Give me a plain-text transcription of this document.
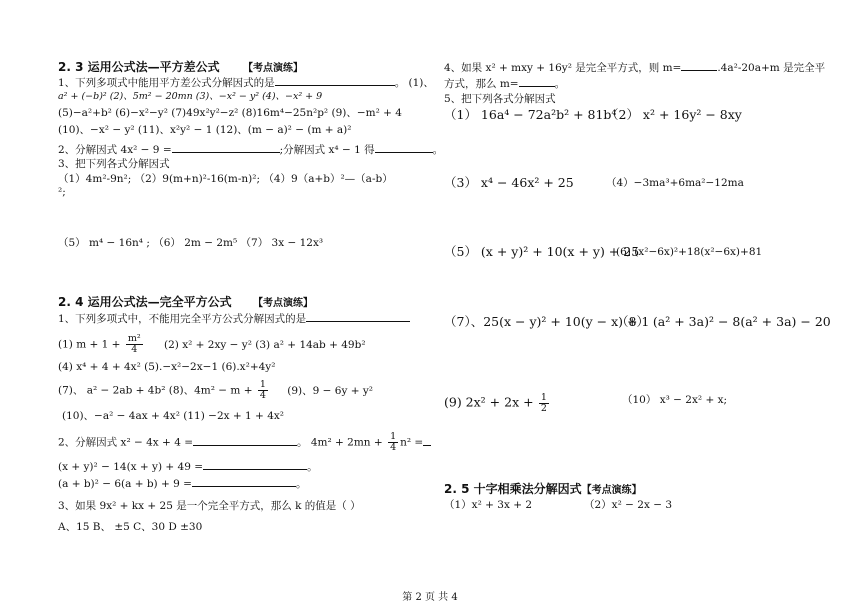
2. 3 运用公式法—平方差公式 【考点演练】
1、下列多项式中能用平方差公式分解因式的是	。 (1)、
a² + (−b)² (2)、5m² − 20mn (3)、−x² − y² (4)、−x² + 9
(5)−a²+b² (6)−x²−y² (7)49x²y²−z² (8)16m⁴−25n²p² (9)、−m² + 4
(10)、−x² − y² (11)、x²y² − 1 (12)、(m − a)² − (m + a)²
2、分解因式 4x² − 9 =	;分解因式 x⁴ − 1 得	。
3、把下列各式分解因式
（1）4m²-9n²; （2）9(m+n)²-16(m-n)²; （4）9（a+b）²—（a-b）
²;
（5） m⁴ − 16n⁴ ; （6） 2m − 2m⁵ （7） 3x − 12x³
2. 4 运用公式法—完全平方公式 【考点演练】
1、下列多项式中，不能用完全平方公式分解因式的是
(1) $m + 1 + \frac{\text{m²}}{4} (2) x^2 + 2xy - y^2$ (3) a² + 14ab + 49b²
(4) x⁴ + 4 + 4x² (5).−x²−2x−1 (6).x²+4y²
(7)、 a² − 2ab + 4b² (8)、$4m^2 - m + \frac{1}{4} (9)$、9 − 6y + y²
(10)、−a² − 4ax + 4x² (11) −2x + 1 + 4x²
2、分解因式 x² − 4x + 4 =	。 $4m^2 + 2mn + \frac{1}{4} n^2$ =
(x + y)² − 14(x + y) + 49 =	。
(a + b)² − 6(a + b) + 9 =	。
3、如果 9x² + kx + 25 是一个完全平方式，那么 k 的值是（ ）
A、15 B、 ±5 C、30 D ±30
4、如果 x² + mxy + 16y² 是完全平方式，则 m=	.4a²-20a+m 是完全平
方式，那么 m=	。
5、把下列各式分解因式
（1） 16a⁴ − 72a²b² + 81b⁴
（2） x² + 16y² − 8xy
（3） x⁴ − 46x² + 25	（4）−3ma³+6ma²−12ma
（5） (x + y)² + 10(x + y) + 25
(6) (x²−6x)²+18(x²−6x)+81
（7）、25(x − y)² + 10(y − x) + 1
（8） (a² + 3a)² − 8(a² + 3a) − 20
(9) $2x^2 + 2x + \frac{1}{2}$	（10） x³ − 2x² + x;
2. 5 十字相乘法分解因式【考点演练】
（1）x² + 3x + 2	（2）x² − 2x − 3
第 2 页 共 4
